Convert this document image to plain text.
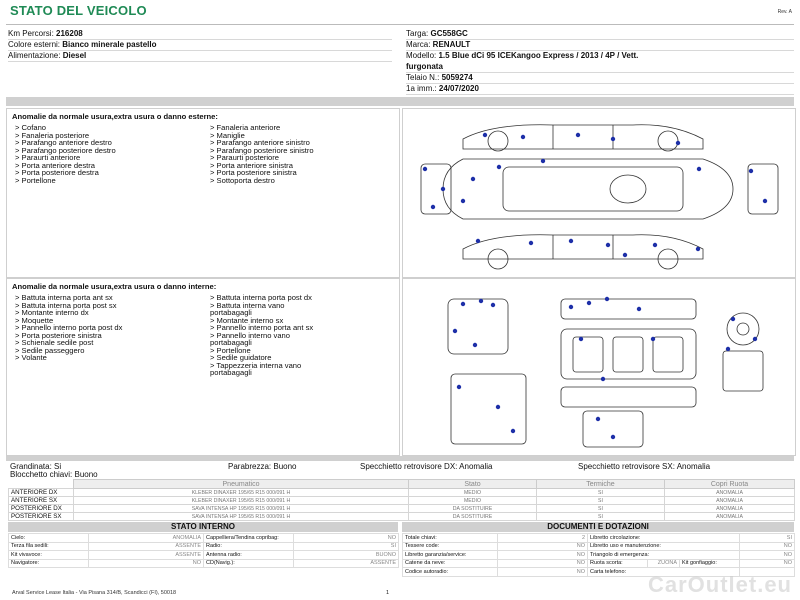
STATO DEL VEICOLO	Rev. A
Km Percorsi: 216208
Colore esterni: Bianco minerale pastello
Alimentazione: Diesel
Targa: GC558GC
Marca: RENAULT
Modello: 1.5 Blue dCi 95 ICEKangoo Express / 2013 / 4P / Vett.
furgonata
Telaio N.: 5059274
1a imm.: 24/07/2020
Anomalie da normale usura,extra usura o danno esterne:
> Cofano
> Fanaleria posteriore
> Parafango anteriore destro
> Parafango posteriore destro
> Paraurti anteriore
> Porta anteriore destra
> Porta posteriore destra
> Portellone
> Fanaleria anteriore
> Maniglie
> Parafango anteriore sinistro
> Parafango posteriore sinistro
> Paraurti posteriore
> Porta anteriore sinistra
> Porta posteriore sinistra
> Sottoporta destro
Anomalie da normale usura,extra usura o danno interne:
> Battuta interna porta ant sx
> Battuta interna porta post sx
> Montante interno dx
> Moquette
> Pannello interno porta post dx
> Porta posteriore sinistra
> Schienale sedile post
> Sedile passeggero
> Volante
> Battuta interna porta post dx
> Battuta interna vano
portabagagli
> Montante interno sx
> Pannello interno porta ant sx
> Pannello interno vano
portabagagli
> Portellone
> Sedile guidatore
> Tappezzeria interna vano
portabagagli
Grandinata: Si	Parabrezza: Buono	Specchietto retrovisore DX: Anomalia	Specchietto retrovisore SX: Anomalia
Blocchetto chiavi: Buono
	Pneumatico	Stato	Termiche	Copri Ruota
ANTERIORE DX	KLEBER DINAXER 195/65 R15 000/091 H	MEDIO	SI	ANOMALIA
ANTERIORE SX	KLEBER DINAXER 195/65 R15 000/091 H	MEDIO	SI	ANOMALIA
POSTERIORE DX	SAVA INTENSA HP 195/65 R15 000/091 H	DA SOSTITUIRE	SI	ANOMALIA
POSTERIORE SX	SAVA INTENSA HP 195/65 R15 000/091 H	DA SOSTITUIRE	SI	ANOMALIA
STATO INTERNO
Cielo:	ANOMALIA	Cappelliera/Tendina copribag:	NO
Terza fila sedili:	ASSENTE	Radio:	SI
Kit vivavoce:	ASSENTE	Antenna radio:	BUONO
Navigatore:	NO	CD(Navig.):	ASSENTE
DOCUMENTI E DOTAZIONI
Totale chiavi:	2	Libretto circolazione:			SI
Tessere code:	NO	Libretto uso e manutenzione:			NO
Libretto garanzia/service:	NO	Triangolo di emergenza:			NO
Catene da neve:	NO	Ruota scorta:	ZUONA	Kit gonfiaggio:	NO
Codice autoradio:	NO	Carta telefono:			
Arval Service Lease Italia - Via Pisana 314/B, Scandicci (FI), 50018	1	CarOutlet.eu
